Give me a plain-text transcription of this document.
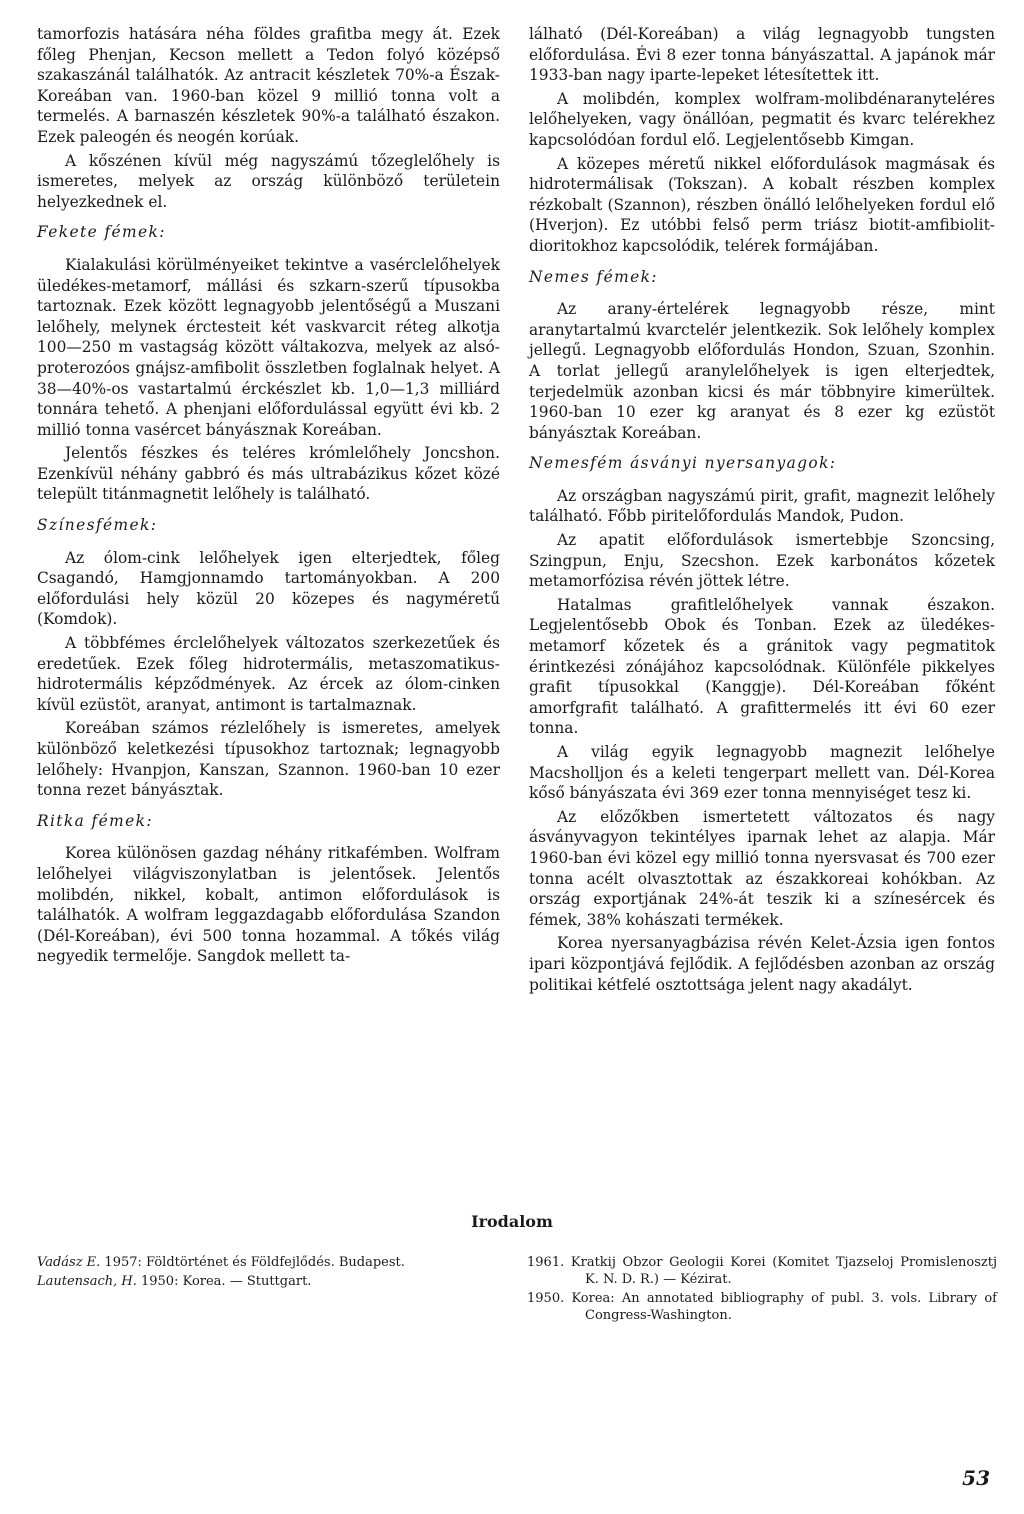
tamorfozis hatására néha földes grafitba megy át. Ezek főleg Phenjan, Kecson mellett a Tedon folyó középső szakaszánál találhatók. Az antracit készletek 70%-a Észak-Koreában van. 1960-ban közel 9 millió tonna volt a termelés. A barnaszén készletek 90%-a található északon. Ezek paleogén és neogén korúak.

A kőszénen kívül még nagyszámú tőzeglelőhely is ismeretes, melyek az ország különböző területein helyezkednek el.

Fekete fémek:

Kialakulási körülményeiket tekintve a vasérclelőhelyek üledékes-metamorf, mállási és szkarn-szerű típusokba tartoznak. Ezek között legnagyobb jelentőségű a Muszani lelőhely, melynek érctesteit két vaskvarcit réteg alkotja 100—250 m vastagság között váltakozva, melyek az alsó-proterozóos gnájsz-amfibolit összletben foglalnak helyet. A 38—40%-os vastartalmú érckészlet kb. 1,0—1,3 milliárd tonnára tehető. A phenjani előfordulással együtt évi kb. 2 millió tonna vasércet bányásznak Koreában.

Jelentős fészkes és teléres krómlelőhely Joncshon. Ezenkívül néhány gabbró és más ultrabázikus kőzet közé települt titánmagnetit lelőhely is található.

Színesfémek:

Az ólom-cink lelőhelyek igen elterjedtek, főleg Csagandó, Hamgjonnamdo tartományokban. A 200 előfordulási hely közül 20 közepes és nagyméretű (Komdok).

A többfémes érclelőhelyek változatos szerkezetűek és eredetűek. Ezek főleg hidrotermális, metaszomatikus-hidrotermális képződmények. Az ércek az ólom-cinken kívül ezüstöt, aranyat, antimont is tartalmaznak.

Koreában számos rézlelőhely is ismeretes, amelyek különböző keletkezési típusokhoz tartoznak; legnagyobb lelőhely: Hvanpjon, Kanszan, Szannon. 1960-ban 10 ezer tonna rezet bányásztak.

Ritka fémek:

Korea különösen gazdag néhány ritkafémben. Wolfram lelőhelyei világviszonylatban is jelentősek. Jelentős molibdén, nikkel, kobalt, antimon előfordulások is találhatók. A wolfram leggazdagabb előfordulása Szandon (Dél-Koreában), évi 500 tonna hozammal. A tőkés világ negyedik termelője. Sangdok mellett ta-

lálható (Dél-Koreában) a világ legnagyobb tungsten előfordulása. Évi 8 ezer tonna bányászattal. A japánok már 1933-ban nagy iparte-lepeket létesítettek itt.

A molibdén, komplex wolfram-molibdénaranyteléres lelőhelyeken, vagy önállóan, pegmatit és kvarc telérekhez kapcsolódóan fordul elő. Legjelentősebb Kimgan.

A közepes méretű nikkel előfordulások magmásak és hidrotermálisak (Tokszan). A kobalt részben komplex rézkobalt (Szannon), részben önálló lelőhelyeken fordul elő (Hverjon). Ez utóbbi felső perm triász biotit-amfibiolit-dioritokhoz kapcsolódik, telérek formájában.

Nemes fémek:

Az arany-értelérek legnagyobb része, mint aranytartalmú kvarctelér jelentkezik. Sok lelőhely komplex jellegű. Legnagyobb előfordulás Hondon, Szuan, Szonhin. A torlat jellegű aranylelőhelyek is igen elterjedtek, terjedelmük azonban kicsi és már többnyire kimerültek. 1960-ban 10 ezer kg aranyat és 8 ezer kg ezüstöt bányásztak Koreában.

Nemesfém ásványi nyersanyagok:

Az országban nagyszámú pirit, grafit, magnezit lelőhely található. Főbb piritelőfordulás Mandok, Pudon.

Az apatit előfordulások ismertebbje Szoncsing, Szingpun, Enju, Szecshon. Ezek karbonátos kőzetek metamorfózisa révén jöttek létre.

Hatalmas grafitlelőhelyek vannak északon. Legjelentősebb Obok és Tonban. Ezek az üledékes-metamorf kőzetek és a gránitok vagy pegmatitok érintkezési zónájához kapcsolódnak. Különféle pikkelyes grafit típusokkal (Kanggje). Dél-Koreában főként amorfgrafit található. A grafittermelés itt évi 60 ezer tonna.

A világ egyik legnagyobb magnezit lelőhelye Macsholljon és a keleti tengerpart mellett van. Dél-Korea kőső bányászata évi 369 ezer tonna mennyiséget tesz ki.

Az előzőkben ismertetett változatos és nagy ásványvagyon tekintélyes iparnak lehet az alapja. Már 1960-ban évi közel egy millió tonna nyersvasat és 700 ezer tonna acélt olvasztottak az északkoreai kohókban. Az ország exportjának 24%-át teszik ki a színesércek és fémek, 38% kohászati termékek.

Korea nyersanyagbázisa révén Kelet-Ázsia igen fontos ipari központjává fejlődik. A fejlődésben azonban az ország politikai kétfelé osztottsága jelent nagy akadályt.

Irodalom
Vadász E. 1957: Földtörténet és Földfejlődés. Budapest.
Lautensach, H. 1950: Korea. — Stuttgart.
1961. Kratkij Obzor Geologii Korei (Komitet Tjazseloj Promislenosztj K. N. D. R.) — Kézirat.
1950. Korea: An annotated bibliography of publ. 3. vols. Library of Congress-Washington.
53
